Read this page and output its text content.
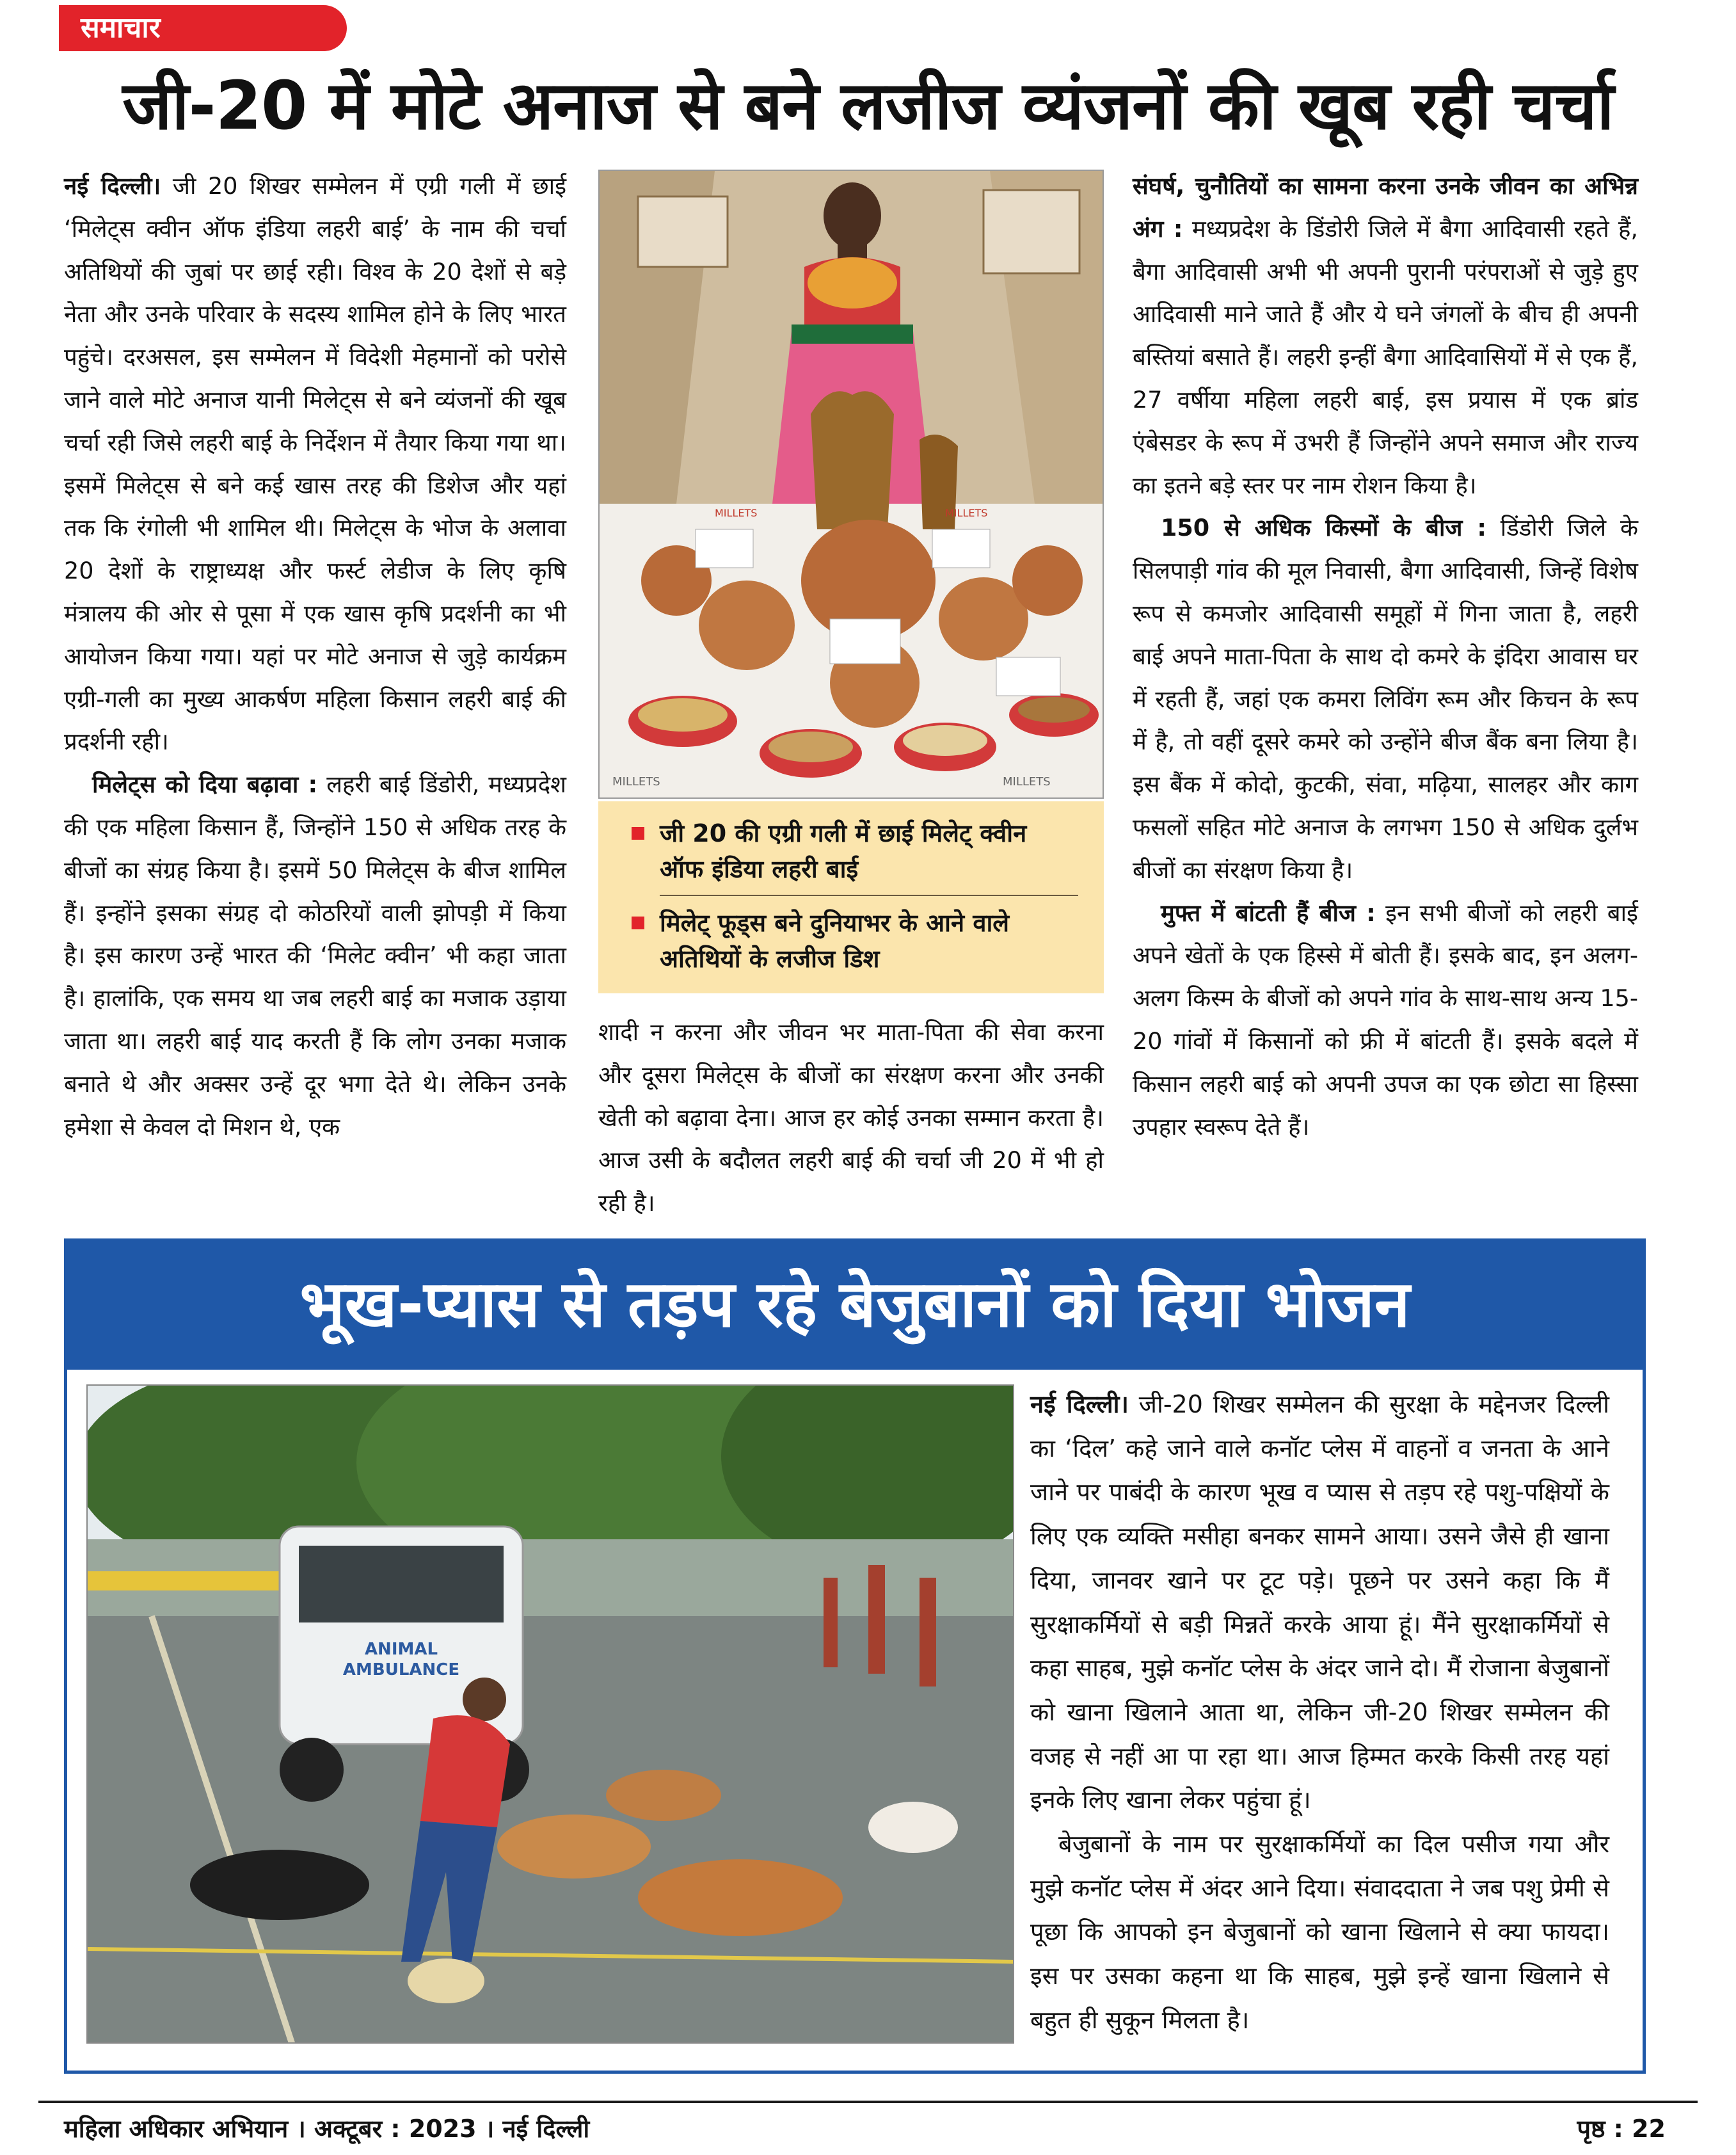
समाचार
जी-20 में मोटे अनाज से बने लजीज व्यंजनों की खूब रही चर्चा

नई दिल्ली। जी 20 शिखर सम्मेलन में एग्री गली में छाई ‘मिलेट्स क्वीन ऑफ इंडिया लहरी बाई’ के नाम की चर्चा अतिथियों की जुबां पर छाई रही। विश्व के 20 देशों से बड़े नेता और उनके परिवार के सदस्य शामिल होने के लिए भारत पहुंचे। दरअसल, इस सम्मेलन में विदेशी मेहमानों को परोसे जाने वाले मोटे अनाज यानी मिलेट्स से बने व्यंजनों की खूब चर्चा रही जिसे लहरी बाई के निर्देशन में तैयार किया गया था। इसमें मिलेट्स से बने कई खास तरह की डिशेज और यहां तक कि रंगोली भी शामिल थी। मिलेट्स के भोज के अलावा 20 देशों के राष्ट्राध्यक्ष और फर्स्ट लेडीज के लिए कृषि मंत्रालय की ओर से पूसा में एक खास कृषि प्रदर्शनी का भी आयोजन किया गया। यहां पर मोटे अनाज से जुड़े कार्यक्रम एग्री-गली का मुख्य आकर्षण महिला किसान लहरी बाई की प्रदर्शनी रही।

मिलेट्स को दिया बढ़ावा : लहरी बाई डिंडोरी, मध्यप्रदेश की एक महिला किसान हैं, जिन्होंने 150 से अधिक तरह के बीजों का संग्रह किया है। इसमें 50 मिलेट्स के बीज शामिल हैं। इन्होंने इसका संग्रह दो कोठरियों वाली झोपड़ी में किया है। इस कारण उन्हें भारत की ‘मिलेट क्वीन’ भी कहा जाता है। हालांकि, एक समय था जब लहरी बाई का मजाक उड़ाया जाता था। लहरी बाई याद करती हैं कि लोग उनका मजाक बनाते थे और अक्सर उन्हें दूर भगा देते थे। लेकिन उनके हमेशा से केवल दो मिशन थे, एक

MILLETS	MILLETS
MILLETS	MILLETS
जी 20 की एग्री गली में छाई मिलेट् क्वीन ऑफ इंडिया लहरी बाई
मिलेट् फूड्स बने दुनियाभर के आने वाले अतिथियों के लजीज डिश

शादी न करना और जीवन भर माता-पिता की सेवा करना और दूसरा मिलेट्स के बीजों का संरक्षण करना और उनकी खेती को बढ़ावा देना। आज हर कोई उनका सम्मान करता है। आज उसी के बदौलत लहरी बाई की चर्चा जी 20 में भी हो रही है।

संघर्ष, चुनौतियों का सामना करना उनके जीवन का अभिन्न अंग : मध्यप्रदेश के डिंडोरी जिले में बैगा आदिवासी रहते हैं, बैगा आदिवासी अभी भी अपनी पुरानी परंपराओं से जुड़े हुए आदिवासी माने जाते हैं और ये घने जंगलों के बीच ही अपनी बस्तियां बसाते हैं। लहरी इन्हीं बैगा आदिवासियों में से एक हैं, 27 वर्षीया महिला लहरी बाई, इस प्रयास में एक ब्रांड एंबेसडर के रूप में उभरी हैं जिन्होंने अपने समाज और राज्य का इतने बड़े स्तर पर नाम रोशन किया है।

150 से अधिक किस्मों के बीज : डिंडोरी जिले के सिलपाड़ी गांव की मूल निवासी, बैगा आदिवासी, जिन्हें विशेष रूप से कमजोर आदिवासी समूहों में गिना जाता है, लहरी बाई अपने माता-पिता के साथ दो कमरे के इंदिरा आवास घर में रहती हैं, जहां एक कमरा लिविंग रूम और किचन के रूप में है, तो वहीं दूसरे कमरे को उन्होंने बीज बैंक बना लिया है। इस बैंक में कोदो, कुटकी, संवा, मढ़िया, सालहर और काग फसलों सहित मोटे अनाज के लगभग 150 से अधिक दुर्लभ बीजों का संरक्षण किया है।

मुफ्त में बांटती हैं बीज : इन सभी बीजों को लहरी बाई अपने खेतों के एक हिस्से में बोती हैं। इसके बाद, इन अलग-अलग किस्म के बीजों को अपने गांव के साथ-साथ अन्य 15-20 गांवों में किसानों को फ्री में बांटती हैं। इसके बदले में किसान लहरी बाई को अपनी उपज का एक छोटा सा हिस्सा उपहार स्वरूप देते हैं।

भूख-प्यास से तड़प रहे बेजुबानों को दिया भोजन
ANIMAL
AMBULANCE

नई दिल्ली। जी-20 शिखर सम्मेलन की सुरक्षा के मद्देनजर दिल्ली का ‘दिल’ कहे जाने वाले कनॉट प्लेस में वाहनों व जनता के आने जाने पर पाबंदी के कारण भूख व प्यास से तड़प रहे पशु-पक्षियों के लिए एक व्यक्ति मसीहा बनकर सामने आया। उसने जैसे ही खाना दिया, जानवर खाने पर टूट पड़े। पूछने पर उसने कहा कि मैं सुरक्षाकर्मियों से बड़ी मिन्नतें करके आया हूं। मैंने सुरक्षाकर्मियों से कहा साहब, मुझे कनॉट प्लेस के अंदर जाने दो। मैं रोजाना बेजुबानों को खाना खिलाने आता था, लेकिन जी-20 शिखर सम्मेलन की वजह से नहीं आ पा रहा था। आज हिम्मत करके किसी तरह यहां इनके लिए खाना लेकर पहुंचा हूं।

बेजुबानों के नाम पर सुरक्षाकर्मियों का दिल पसीज गया और मुझे कनॉट प्लेस में अंदर आने दिया। संवाददाता ने जब पशु प्रेमी से पूछा कि आपको इन बेजुबानों को खाना खिलाने से क्या फायदा। इस पर उसका कहना था कि साहब, मुझे इन्हें खाना खिलाने से बहुत ही सुकून मिलता है।

महिला अधिकार अभियान । अक्टूबर : 2023 । नई दिल्ली	पृष्ठ : 22
